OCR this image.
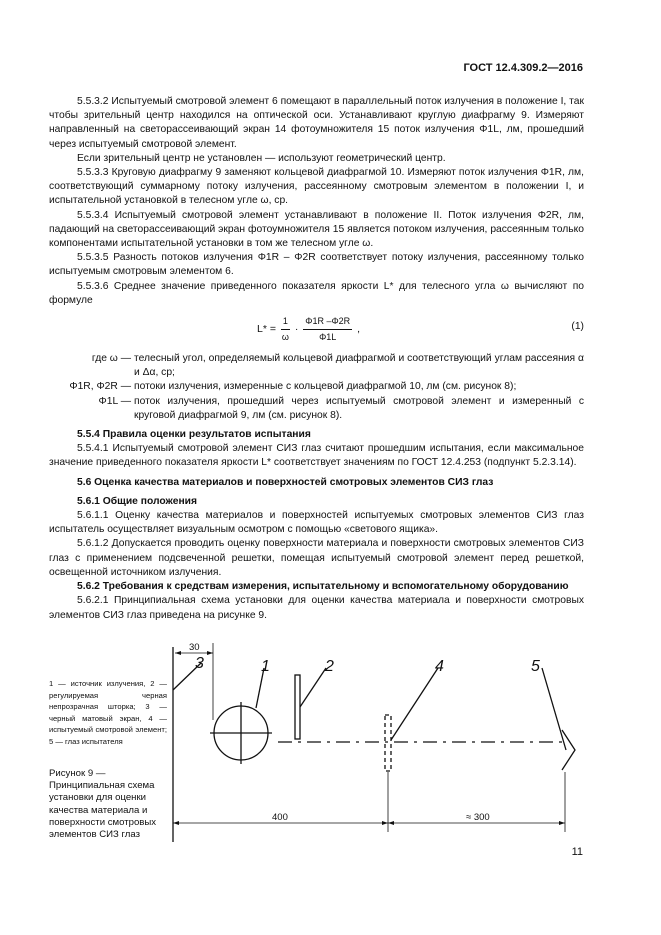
ГОСТ 12.4.309.2—2016

5.5.3.2 Испытуемый смотровой элемент 6 помещают в параллельный поток излучения в положение I, так чтобы зрительный центр находился на оптической оси. Устанавливают круглую диафрагму 9. Измеряют направленный на светорассеивающий экран 14 фотоумножителя 15 поток излучения Φ1L, лм, прошедший через испытуемый смотровой элемент.

Если зрительный центр не установлен — используют геометрический центр.

5.5.3.3 Круговую диафрагму 9 заменяют кольцевой диафрагмой 10. Измеряют поток излучения Φ1R, лм, соответствующий суммарному потоку излучения, рассеянному смотровым элементом в положении I, и испытательной установкой в телесном угле ω, ср.

5.5.3.4 Испытуемый смотровой элемент устанавливают в положение II. Поток излучения Φ2R, лм, падающий на светорассеивающий экран фотоумножителя 15 является потоком излучения, рассеянным только компонентами испытательной установки в том же телесном угле ω.

5.5.3.5 Разность потоков излучения Φ1R – Φ2R соответствует потоку излучения, рассеянному только испытуемым смотровым элементом 6.

5.5.3.6 Среднее значение приведенного показателя яркости L* для телесного угла ω вычисляют по формуле

$L* = \frac{1}{\omega} \cdot \frac{\Phi 1R -\Phi 2R}{\Phi 1L}$ ,	(1)
где ω — телесный угол, определяемый кольцевой диафрагмой и соответствующий углам рассеяния α и Δα, ср;
Φ1R, Φ2R — потоки излучения, измеренные с кольцевой диафрагмой 10, лм (см. рисунок 8);
Φ1L — поток излучения, прошедший через испытуемый смотровой элемент и измеренный с круговой диафрагмой 9, лм (см. рисунок 8).

5.5.4 Правила оценки результатов испытания

5.5.4.1 Испытуемый смотровой элемент СИЗ глаз считают прошедшим испытания, если максимальное значение приведенного показателя яркости L* соответствует значениям по ГОСТ 12.4.253 (подпункт 5.2.3.14).

5.6 Оценка качества материалов и поверхностей смотровых элементов СИЗ глаз

5.6.1 Общие положения

5.6.1.1 Оценку качества материалов и поверхностей испытуемых смотровых элементов СИЗ глаз испытатель осуществляет визуальным осмотром с помощью «светового ящика».

5.6.1.2 Допускается проводить оценку поверхности материала и поверхности смотровых элементов СИЗ глаз с применением подсвеченной решетки, помещая испытуемый смотровой элемент перед решеткой, освещенной источником излучения.

5.6.2 Требования к средствам измерения, испытательному и вспомогательному оборудованию

5.6.2.1 Принципиальная схема установки для оценки качества материала и поверхности смотровых элементов СИЗ глаз приведена на рисунке 9.

1 — источник излучения, 2 — регулируемая черная непрозрачная шторка; 3 — черный матовый экран, 4 — испытуемый смотровой элемент; 5 — глаз испытателя
Рисунок 9 — Принципиальная схема установки для оценки качества материала и поверхности смотровых элементов СИЗ глаз
30
400	≈ 300
3	1	2	4	5
11
